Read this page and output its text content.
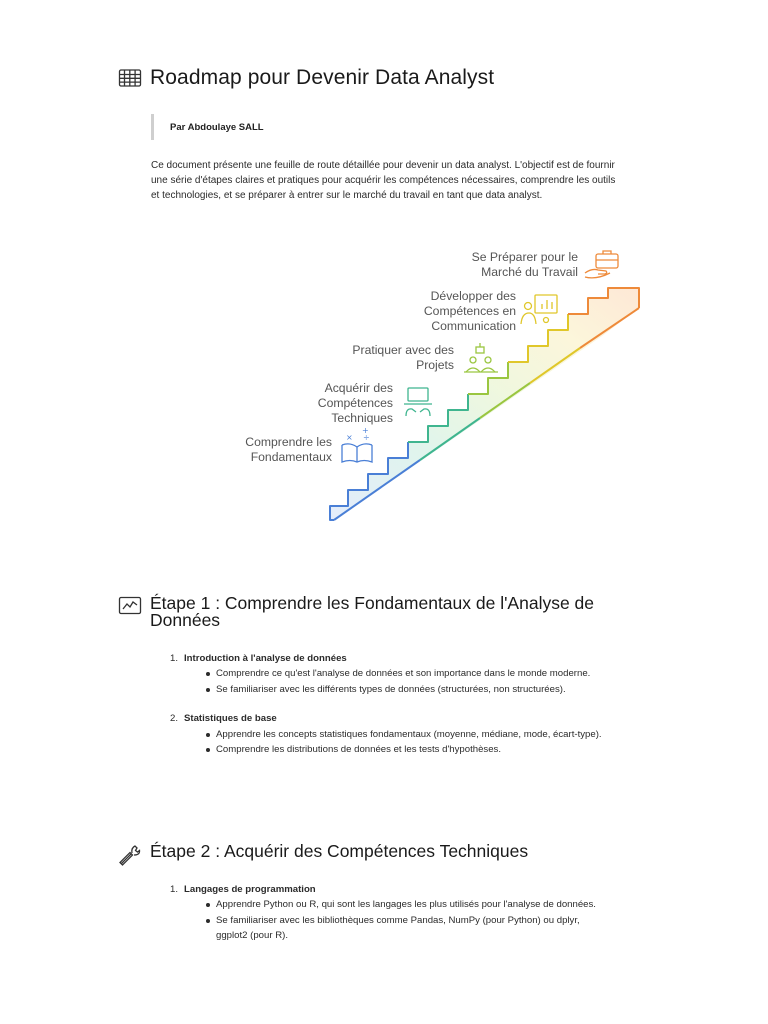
Roadmap pour Devenir Data Analyst
Par Abdoulaye SALL
Ce document présente une feuille de route détaillée pour devenir un data analyst. L'objectif est de fournir une série d'étapes claires et pratiques pour acquérir les compétences nécessaires, comprendre les outils et technologies, et se préparer à entrer sur le marché du travail en tant que data analyst.
× ÷
+
Comprendre les Fondamentaux
Acquérir des Compétences Techniques
Pratiquer avec des Projets
Développer des Compétences en Communication
Se Préparer pour le Marché du Travail
Étape 1 : Comprendre les Fondamentaux de l'Analyse de Données
1. Introduction à l'analyse de données
Comprendre ce qu'est l'analyse de données et son importance dans le monde moderne.
Se familiariser avec les différents types de données (structurées, non structurées).
2. Statistiques de base
Apprendre les concepts statistiques fondamentaux (moyenne, médiane, mode, écart-type).
Comprendre les distributions de données et les tests d'hypothèses.
Étape 2 : Acquérir des Compétences Techniques
1. Langages de programmation
Apprendre Python ou R, qui sont les langages les plus utilisés pour l'analyse de données.
Se familiariser avec les bibliothèques comme Pandas, NumPy (pour Python) ou dplyr, ggplot2 (pour R).
